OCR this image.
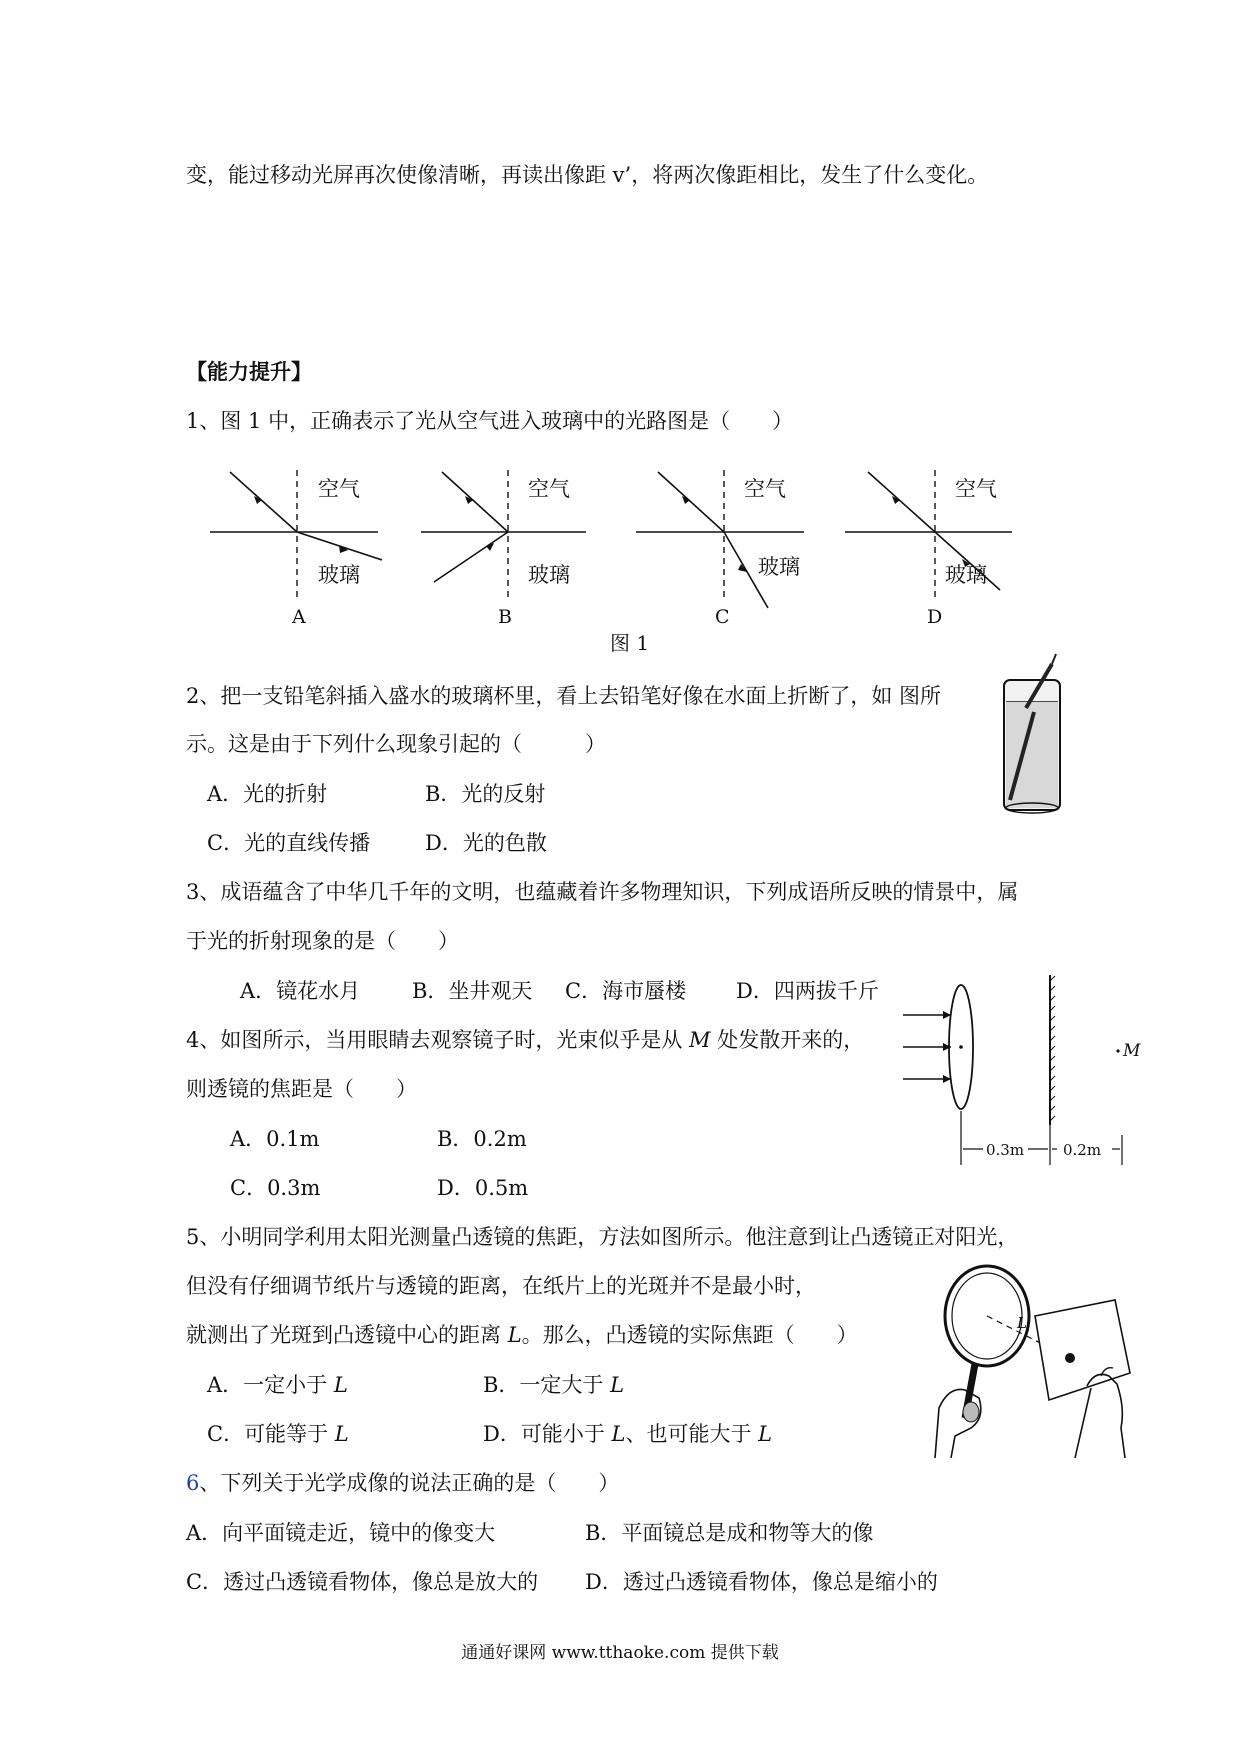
变，能过移动光屏再次使像清晰，再读出像距 v’，将两次像距相比，发生了什么变化。
【能力提升】
1、图 1 中，正确表示了光从空气进入玻璃中的光路图是（　　）
空气
玻璃
A
空气
玻璃
B
空气
玻璃
C
空气
玻璃
D
图 1
2、把一支铅笔斜插入盛水的玻璃杯里，看上去铅笔好像在水面上折断了，如 图所
示。这是由于下列什么现象引起的（　　　）
A．光的折射	B．光的反射
C．光的直线传播	D．光的色散
3、成语蕴含了中华几千年的文明，也蕴藏着许多物理知识，下列成语所反映的情景中，属
于光的折射现象的是（　　）
A．镜花水月 B．坐井观天 C．海市蜃楼 D．四两拔千斤
4、如图所示，当用眼睛去观察镜子时，光束似乎是从 M 处发散开来的，
则透镜的焦距是（　　）
A．0.1m	B．0.2m
C．0.3m	D．0.5m
M
0.3m	0.2m
5、小明同学利用太阳光测量凸透镜的焦距，方法如图所示。他注意到让凸透镜正对阳光，
但没有仔细调节纸片与透镜的距离，在纸片上的光斑并不是最小时，
就测出了光斑到凸透镜中心的距离 L。那么，凸透镜的实际焦距（　　）
A．一定小于 L	B．一定大于 L
C．可能等于 L	D．可能小于 L、也可能大于 L
L
6、下列关于光学成像的说法正确的是（　　）
A．向平面镜走近，镜中的像变大	B．平面镜总是成和物等大的像
C．透过凸透镜看物体，像总是放大的 D．透过凸透镜看物体，像总是缩小的
通通好课网 www.tthaoke.com 提供下载
